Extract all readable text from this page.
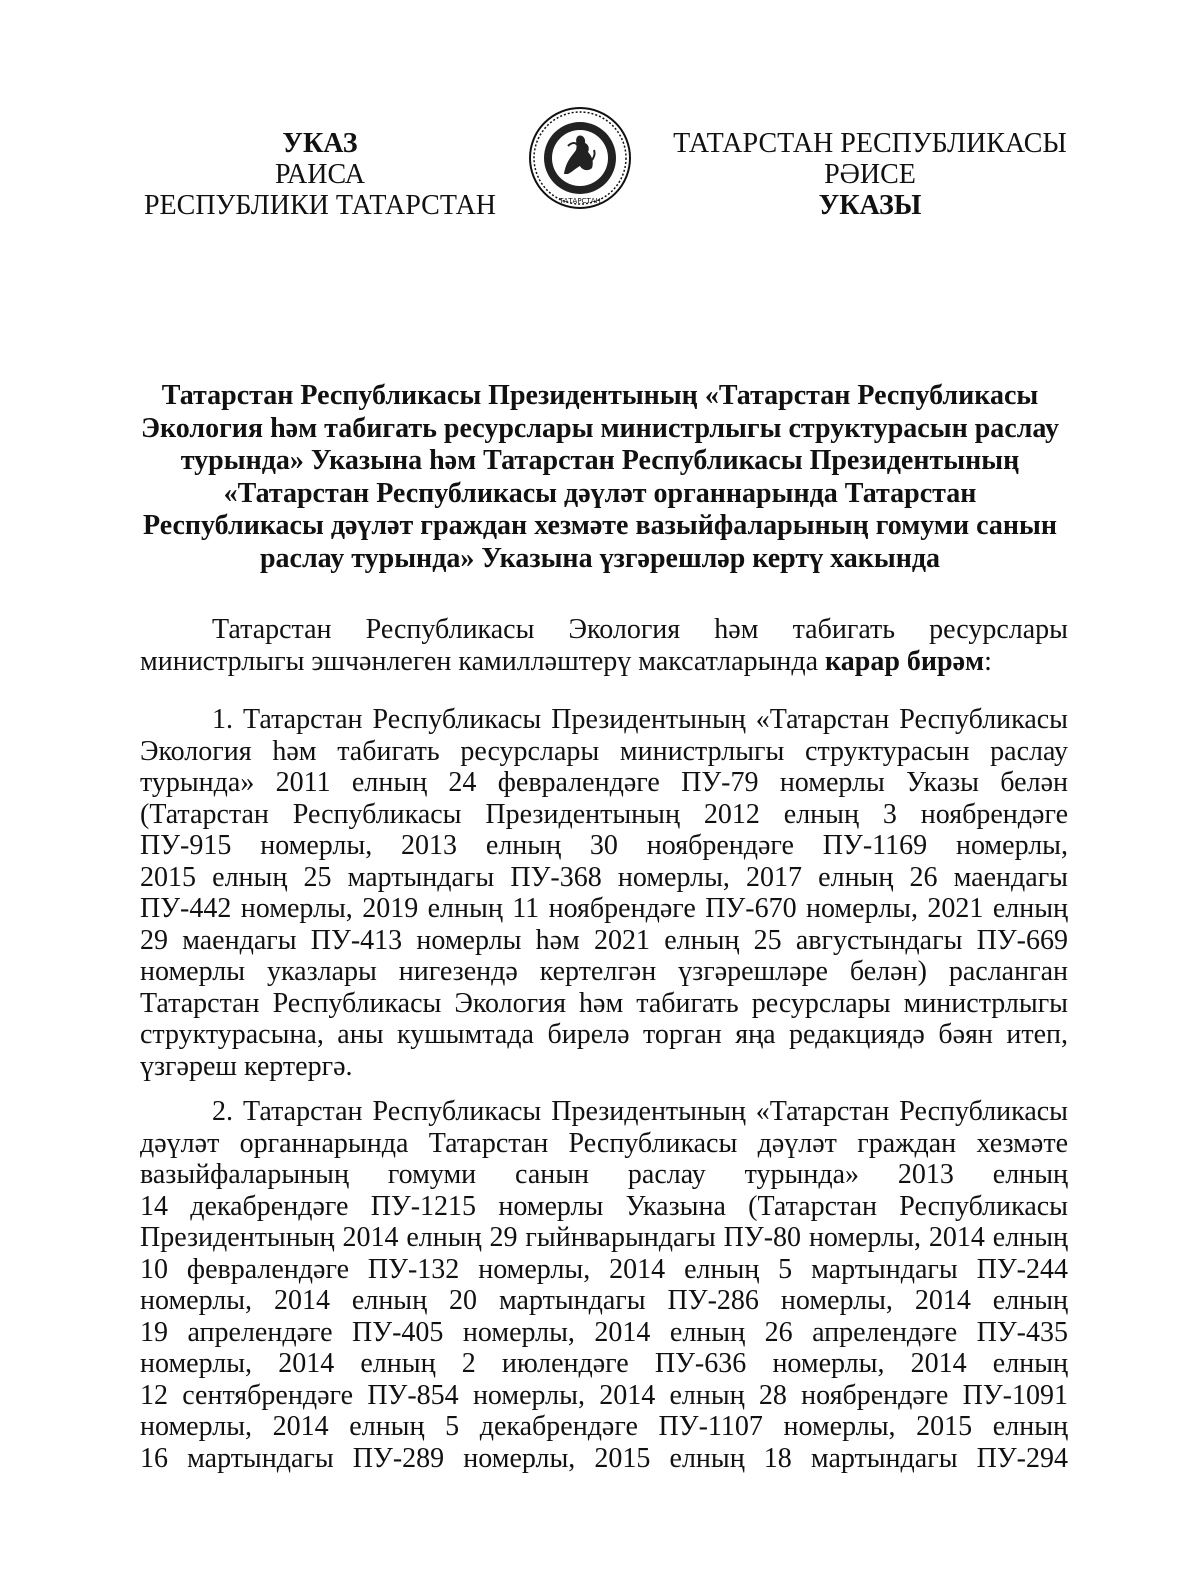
УКАЗ
РАИСА
РЕСПУБЛИКИ ТАТАРСТАН	ТАТАРСТАН
ТАТАРСТАН РЕСПУБЛИКАСЫ
РӘИСЕ
УКАЗЫ
Татарстан Республикасы Президентының «Татарстан Республикасы
Экология һәм табигать ресурслары министрлыгы структурасын раслау
турында» Указына һәм Татарстан Республикасы Президентының
«Татарстан Республикасы дәүләт органнарында Татарстан
Республикасы дәүләт граждан хезмәте вазыйфаларының гомуми санын
раслау турында» Указына үзгәрешләр кертү хакында
Татарстан Республикасы Экология һәм табигать ресурслары
министрлыгы эшчәнлеген камилләштерү максатларында карар бирәм:
1. Татарстан Республикасы Президентының «Татарстан Республикасы
Экология һәм табигать ресурслары министрлыгы структурасын раслау
турында» 2011 елның 24 февралендәге ПУ-79 номерлы Указы белән
(Татарстан Республикасы Президентының 2012 елның 3 ноябрендәге
ПУ-915 номерлы, 2013 елның 30 ноябрендәге ПУ-1169 номерлы,
2015 елның 25 мартындагы ПУ-368 номерлы, 2017 елның 26 маендагы
ПУ-442 номерлы, 2019 елның 11 ноябрендәге ПУ-670 номерлы, 2021 елның
29 маендагы ПУ-413 номерлы һәм 2021 елның 25 августындагы ПУ-669
номерлы указлары нигезендә кертелгән үзгәрешләре белән) расланган
Татарстан Республикасы Экология һәм табигать ресурслары министрлыгы
структурасына, аны кушымтада бирелә торган яңа редакциядә бәян итеп,
үзгәреш кертергә.
2. Татарстан Республикасы Президентының «Татарстан Республикасы
дәүләт органнарында Татарстан Республикасы дәүләт граждан хезмәте
вазыйфаларының гомуми санын раслау турында» 2013 елның
14 декабрендәге ПУ-1215 номерлы Указына (Татарстан Республикасы
Президентының 2014 елның 29 гыйнварындагы ПУ-80 номерлы, 2014 елның
10 февралендәге ПУ-132 номерлы, 2014 елның 5 мартындагы ПУ-244
номерлы, 2014 елның 20 мартындагы ПУ-286 номерлы, 2014 елның
19 апрелендәге ПУ-405 номерлы, 2014 елның 26 апрелендәге ПУ-435
номерлы, 2014 елның 2 июлендәге ПУ-636 номерлы, 2014 елның
12 сентябрендәге ПУ-854 номерлы, 2014 елның 28 ноябрендәге ПУ-1091
номерлы, 2014 елның 5 декабрендәге ПУ-1107 номерлы, 2015 елның
16 мартындагы ПУ-289 номерлы, 2015 елның 18 мартындагы ПУ-294
